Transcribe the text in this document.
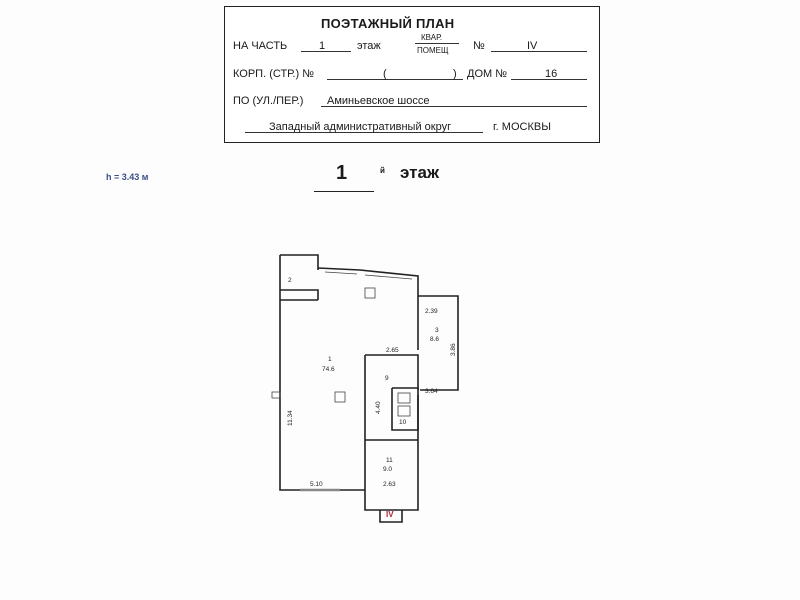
ПОЭТАЖНЫЙ ПЛАН
НА ЧАСТЬ	1	этаж
КВАР.
ПОМЕЩ №	IV
КОРП. (СТР.) №	(	) ДОМ №	16
ПО (УЛ./ПЕР.) Аминьевское шоссе
Западный административный округ	г. МОСКВЫ
h = 3.43 м	1	й этаж
2
1
74.6
3
8.6
9
10
11
9.0
11.34
5.10
2.65
2.39
3.86
3.64
4.40
2.63
IV
